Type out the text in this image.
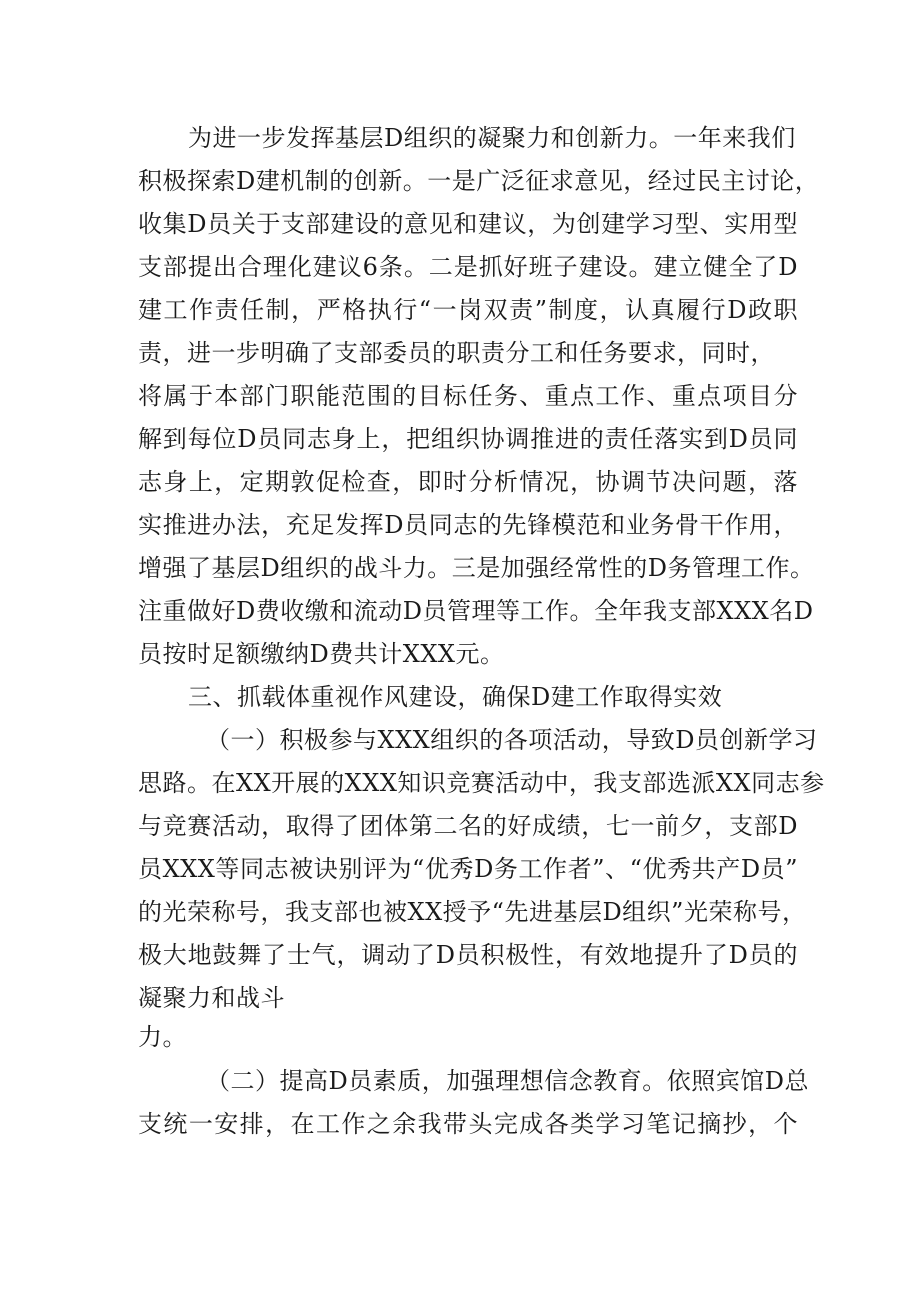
为进一步发挥基层D组织的凝聚力和创新力。一年来我们
积极探索D建机制的创新。一是广泛征求意见，经过民主讨论，
收集D员关于支部建设的意见和建议，为创建学习型、实用型
支部提出合理化建议6条。二是抓好班子建设。建立健全了D
建工作责任制，严格执行“一岗双责”制度，认真履行D政职
责，进一步明确了支部委员的职责分工和任务要求，同时，
将属于本部门职能范围的目标任务、重点工作、重点项目分
解到每位D员同志身上，把组织协调推进的责任落实到D员同
志身上，定期敦促检查，即时分析情况，协调节决问题，落
实推进办法，充足发挥D员同志的先锋模范和业务骨干作用，
增强了基层D组织的战斗力。三是加强经常性的D务管理工作。
注重做好D费收缴和流动D员管理等工作。全年我支部XXX名D
员按时足额缴纳D费共计XXX元。
三、抓载体重视作风建设，确保D建工作取得实效
（一）积极参与XXX组织的各项活动，导致D员创新学习
思路。在XX开展的XXX知识竞赛活动中，我支部选派XX同志参
与竞赛活动，取得了团体第二名的好成绩，七一前夕，支部D
员XXX等同志被诀别评为“优秀D务工作者”、“优秀共产D员”
的光荣称号，我支部也被XX授予“先进基层D组织”光荣称号，
极大地鼓舞了士气，调动了D员积极性，有效地提升了D员的
凝聚力和战斗
力。
（二）提高D员素质，加强理想信念教育。依照宾馆D总
支统一安排，在工作之余我带头完成各类学习笔记摘抄，个
